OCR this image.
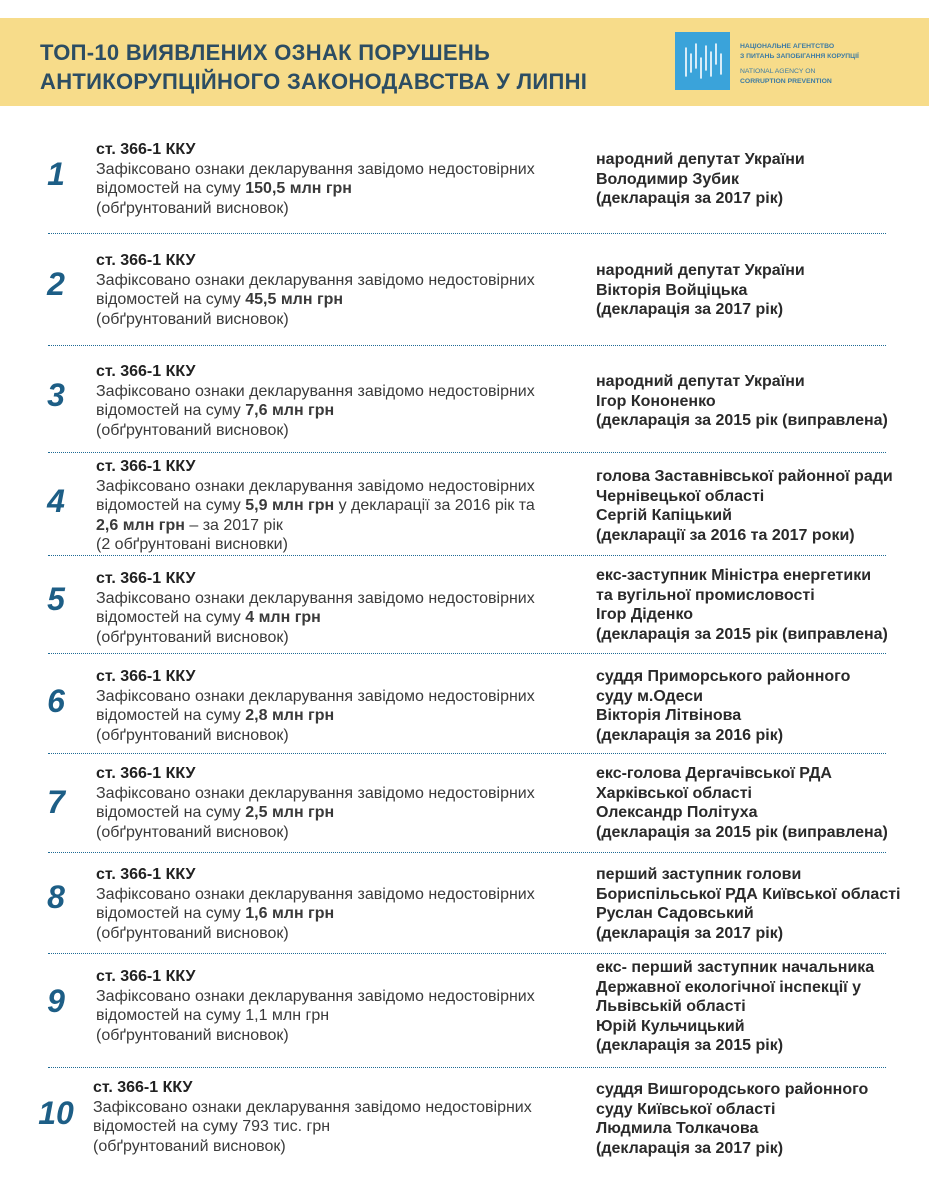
ТОП-10 ВИЯВЛЕНИХ ОЗНАК ПОРУШЕНЬ
АНТИКОРУПЦІЙНОГО ЗАКОНОДАВСТВА У ЛИПНІ
НАЦІОНАЛЬНЕ АГЕНТСТВО
З ПИТАНЬ ЗАПОБІГАННЯ КОРУПЦІЇ
NATIONAL AGENCY ON
CORRUPTION PREVENTION
1
ст. 366-1 ККУ
Зафіксовано ознаки декларування завідомо недостовірних
відомостей на суму 150,5 млн грн
(обґрунтований висновок)
народний депутат України
Володимир Зубик
(декларація за 2017 рік)
2
ст. 366-1 ККУ
Зафіксовано ознаки декларування завідомо недостовірних
відомостей на суму 45,5 млн грн
(обґрунтований висновок)
народний депутат України
Вікторія Войціцька
(декларація за 2017 рік)
3
ст. 366-1 ККУ
Зафіксовано ознаки декларування завідомо недостовірних
відомостей на суму 7,6 млн грн
(обґрунтований висновок)
народний депутат України
Ігор Кононенко
(декларація за 2015 рік (виправлена)
4
ст. 366-1 ККУ
Зафіксовано ознаки декларування завідомо недостовірних
відомостей на суму 5,9 млн грн у декларації за 2016 рік та
2,6 млн грн – за 2017 рік
(2 обґрунтовані висновки)
голова Заставнівської районної ради
Чернівецької області
Сергій Капіцький
(декларації за 2016 та 2017 роки)
5
ст. 366-1 ККУ
Зафіксовано ознаки декларування завідомо недостовірних
відомостей на суму 4 млн грн
(обґрунтований висновок)
екс-заступник Міністра енергетики
та вугільної промисловості
Ігор Діденко
(декларація за 2015 рік (виправлена)
6
ст. 366-1 ККУ
Зафіксовано ознаки декларування завідомо недостовірних
відомостей на суму 2,8 млн грн
(обґрунтований висновок)
суддя Приморського районного
суду м.Одеси
Вікторія Літвінова
(декларація за 2016 рік)
7
ст. 366-1 ККУ
Зафіксовано ознаки декларування завідомо недостовірних
відомостей на суму 2,5 млн грн
(обґрунтований висновок)
екс-голова Дергачівської РДА
Харківської області
Олександр Політуха
(декларація за 2015 рік (виправлена)
8
ст. 366-1 ККУ
Зафіксовано ознаки декларування завідомо недостовірних
відомостей на суму 1,6 млн грн
(обґрунтований висновок)
перший заступник голови
Бориспільської РДА Київської області
Руслан Садовський
(декларація за 2017 рік)
9
ст. 366-1 ККУ
Зафіксовано ознаки декларування завідомо недостовірних
відомостей на суму 1,1 млн грн
(обґрунтований висновок)
екс- перший заступник начальника
Державної екологічної інспекції у
Львівській області
Юрій Кульчицький
(декларація за 2015 рік)
10
ст. 366-1 ККУ
Зафіксовано ознаки декларування завідомо недостовірних
відомостей на суму 793 тис. грн
(обґрунтований висновок)
суддя Вишгородського районного
суду Київської області
Людмила Толкачова
(декларація за 2017 рік)
